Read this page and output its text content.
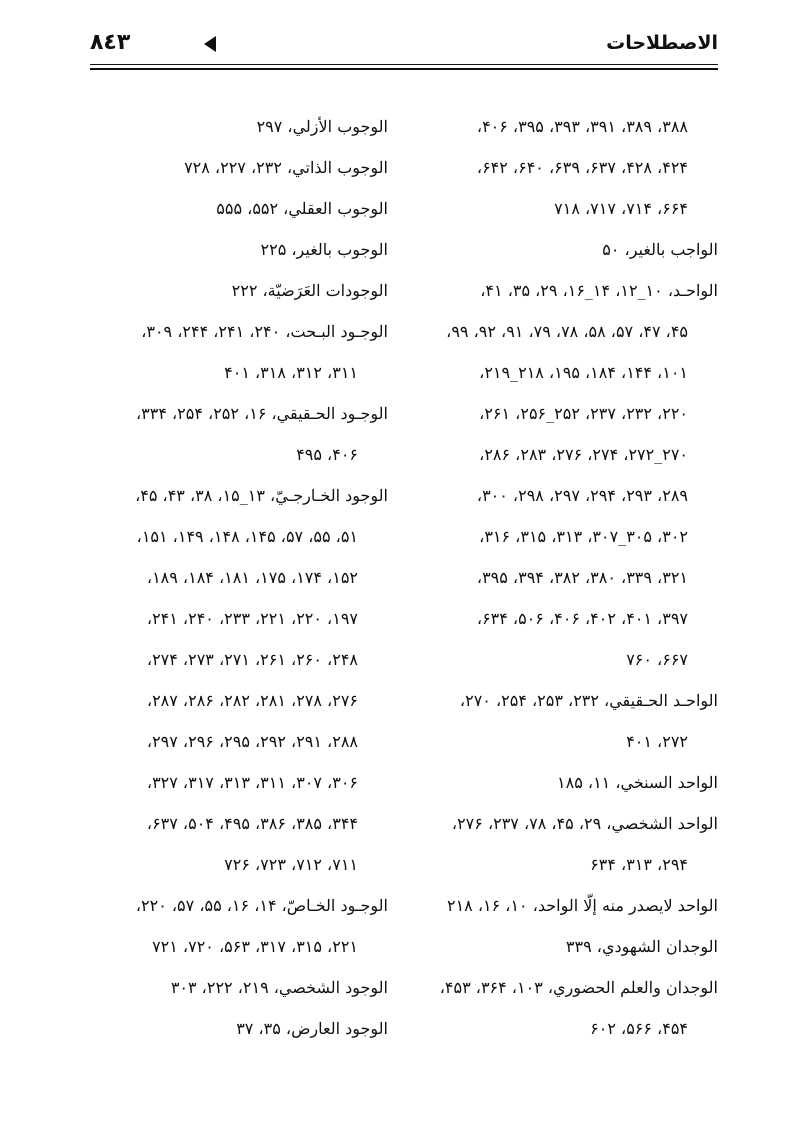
الاصطلاحات
٨٤٣
۳۸۸، ۳۸۹، ۳۹۱، ۳۹۳، ۳۹۵، ۴۰۶،
۴۲۴، ۴۲۸، ۶۳۷، ۶۳۹، ۶۴۰، ۶۴۲،
۶۶۴، ۷۱۴، ۷۱۷، ۷۱۸
الواجب بالغير، ۵۰
الواحـد، ۱۰_۱۲، ۱۴_۱۶، ۲۹، ۳۵، ۴۱،
۴۵، ۴۷، ۵۷، ۵۸، ۷۸، ۷۹، ۹۱، ۹۲، ۹۹،
۱۰۱، ۱۴۴، ۱۸۴، ۱۹۵، ۲۱۸_۲۱۹،
۲۲۰، ۲۳۲، ۲۳۷، ۲۵۲_۲۵۶، ۲۶۱،
۲۷۰_۲۷۲، ۲۷۴، ۲۷۶، ۲۸۳، ۲۸۶،
۲۸۹، ۲۹۳، ۲۹۴، ۲۹۷، ۲۹۸، ۳۰۰،
۳۰۲، ۳۰۵_۳۰۷، ۳۱۳، ۳۱۵، ۳۱۶،
۳۲۱، ۳۳۹، ۳۸۰، ۳۸۲، ۳۹۴، ۳۹۵،
۳۹۷، ۴۰۱، ۴۰۲، ۴۰۶، ۵۰۶، ۶۳۴،
۶۶۷، ۷۶۰
الواحـد الحـقيقي، ۲۳۲، ۲۵۳، ۲۵۴، ۲۷۰،
۲۷۲، ۴۰۱
الواحد السنخي، ۱۱، ۱۸۵
الواحد الشخصي، ۲۹، ۴۵، ۷۸، ۲۳۷، ۲۷۶،
۲۹۴، ۳۱۳، ۶۳۴
الواحد لايصدر منه إلّا الواحد، ۱۰، ۱۶، ۲۱۸
الوجدان الشهودي، ۳۳۹
الوجدان والعلم الحضوري، ۱۰۳، ۳۶۴، ۴۵۳،
۴۵۴، ۵۶۶، ۶۰۲
الوجوب الأزلي، ۲۹۷
الوجوب الذاتي، ۲۳۲، ۲۲۷، ۷۲۸
الوجوب العقلي، ۵۵۲، ۵۵۵
الوجوب بالغير، ۲۲۵
الوجودات العَرَضيّة، ۲۲۲
الوجـود البـحت، ۲۴۰، ۲۴۱، ۲۴۴، ۳۰۹،
۳۱۱، ۳۱۲، ۳۱۸، ۴۰۱
الوجـود الحـقيقي، ۱۶، ۲۵۲، ۲۵۴، ۳۳۴،
۴۰۶، ۴۹۵
الوجود الخـارجـيّ، ۱۳_۱۵، ۳۸، ۴۳، ۴۵،
۵۱، ۵۵، ۵۷، ۱۴۵، ۱۴۸، ۱۴۹، ۱۵۱،
۱۵۲، ۱۷۴، ۱۷۵، ۱۸۱، ۱۸۴، ۱۸۹،
۱۹۷، ۲۲۰، ۲۲۱، ۲۳۳، ۲۴۰، ۲۴۱،
۲۴۸، ۲۶۰، ۲۶۱، ۲۷۱، ۲۷۳، ۲۷۴،
۲۷۶، ۲۷۸، ۲۸۱، ۲۸۲، ۲۸۶، ۲۸۷،
۲۸۸، ۲۹۱، ۲۹۲، ۲۹۵، ۲۹۶، ۲۹۷،
۳۰۶، ۳۰۷، ۳۱۱، ۳۱۳، ۳۱۷، ۳۲۷،
۳۴۴، ۳۸۵، ۳۸۶، ۴۹۵، ۵۰۴، ۶۳۷،
۷۱۱، ۷۱۲، ۷۲۳، ۷۲۶
الوجـود الخـاصّ، ۱۴، ۱۶، ۵۵، ۵۷، ۲۲۰،
۲۲۱، ۳۱۵، ۳۱۷، ۵۶۳، ۷۲۰، ۷۲۱
الوجود الشخصي، ۲۱۹، ۲۲۲، ۳۰۳
الوجود العارض، ۳۵، ۳۷
